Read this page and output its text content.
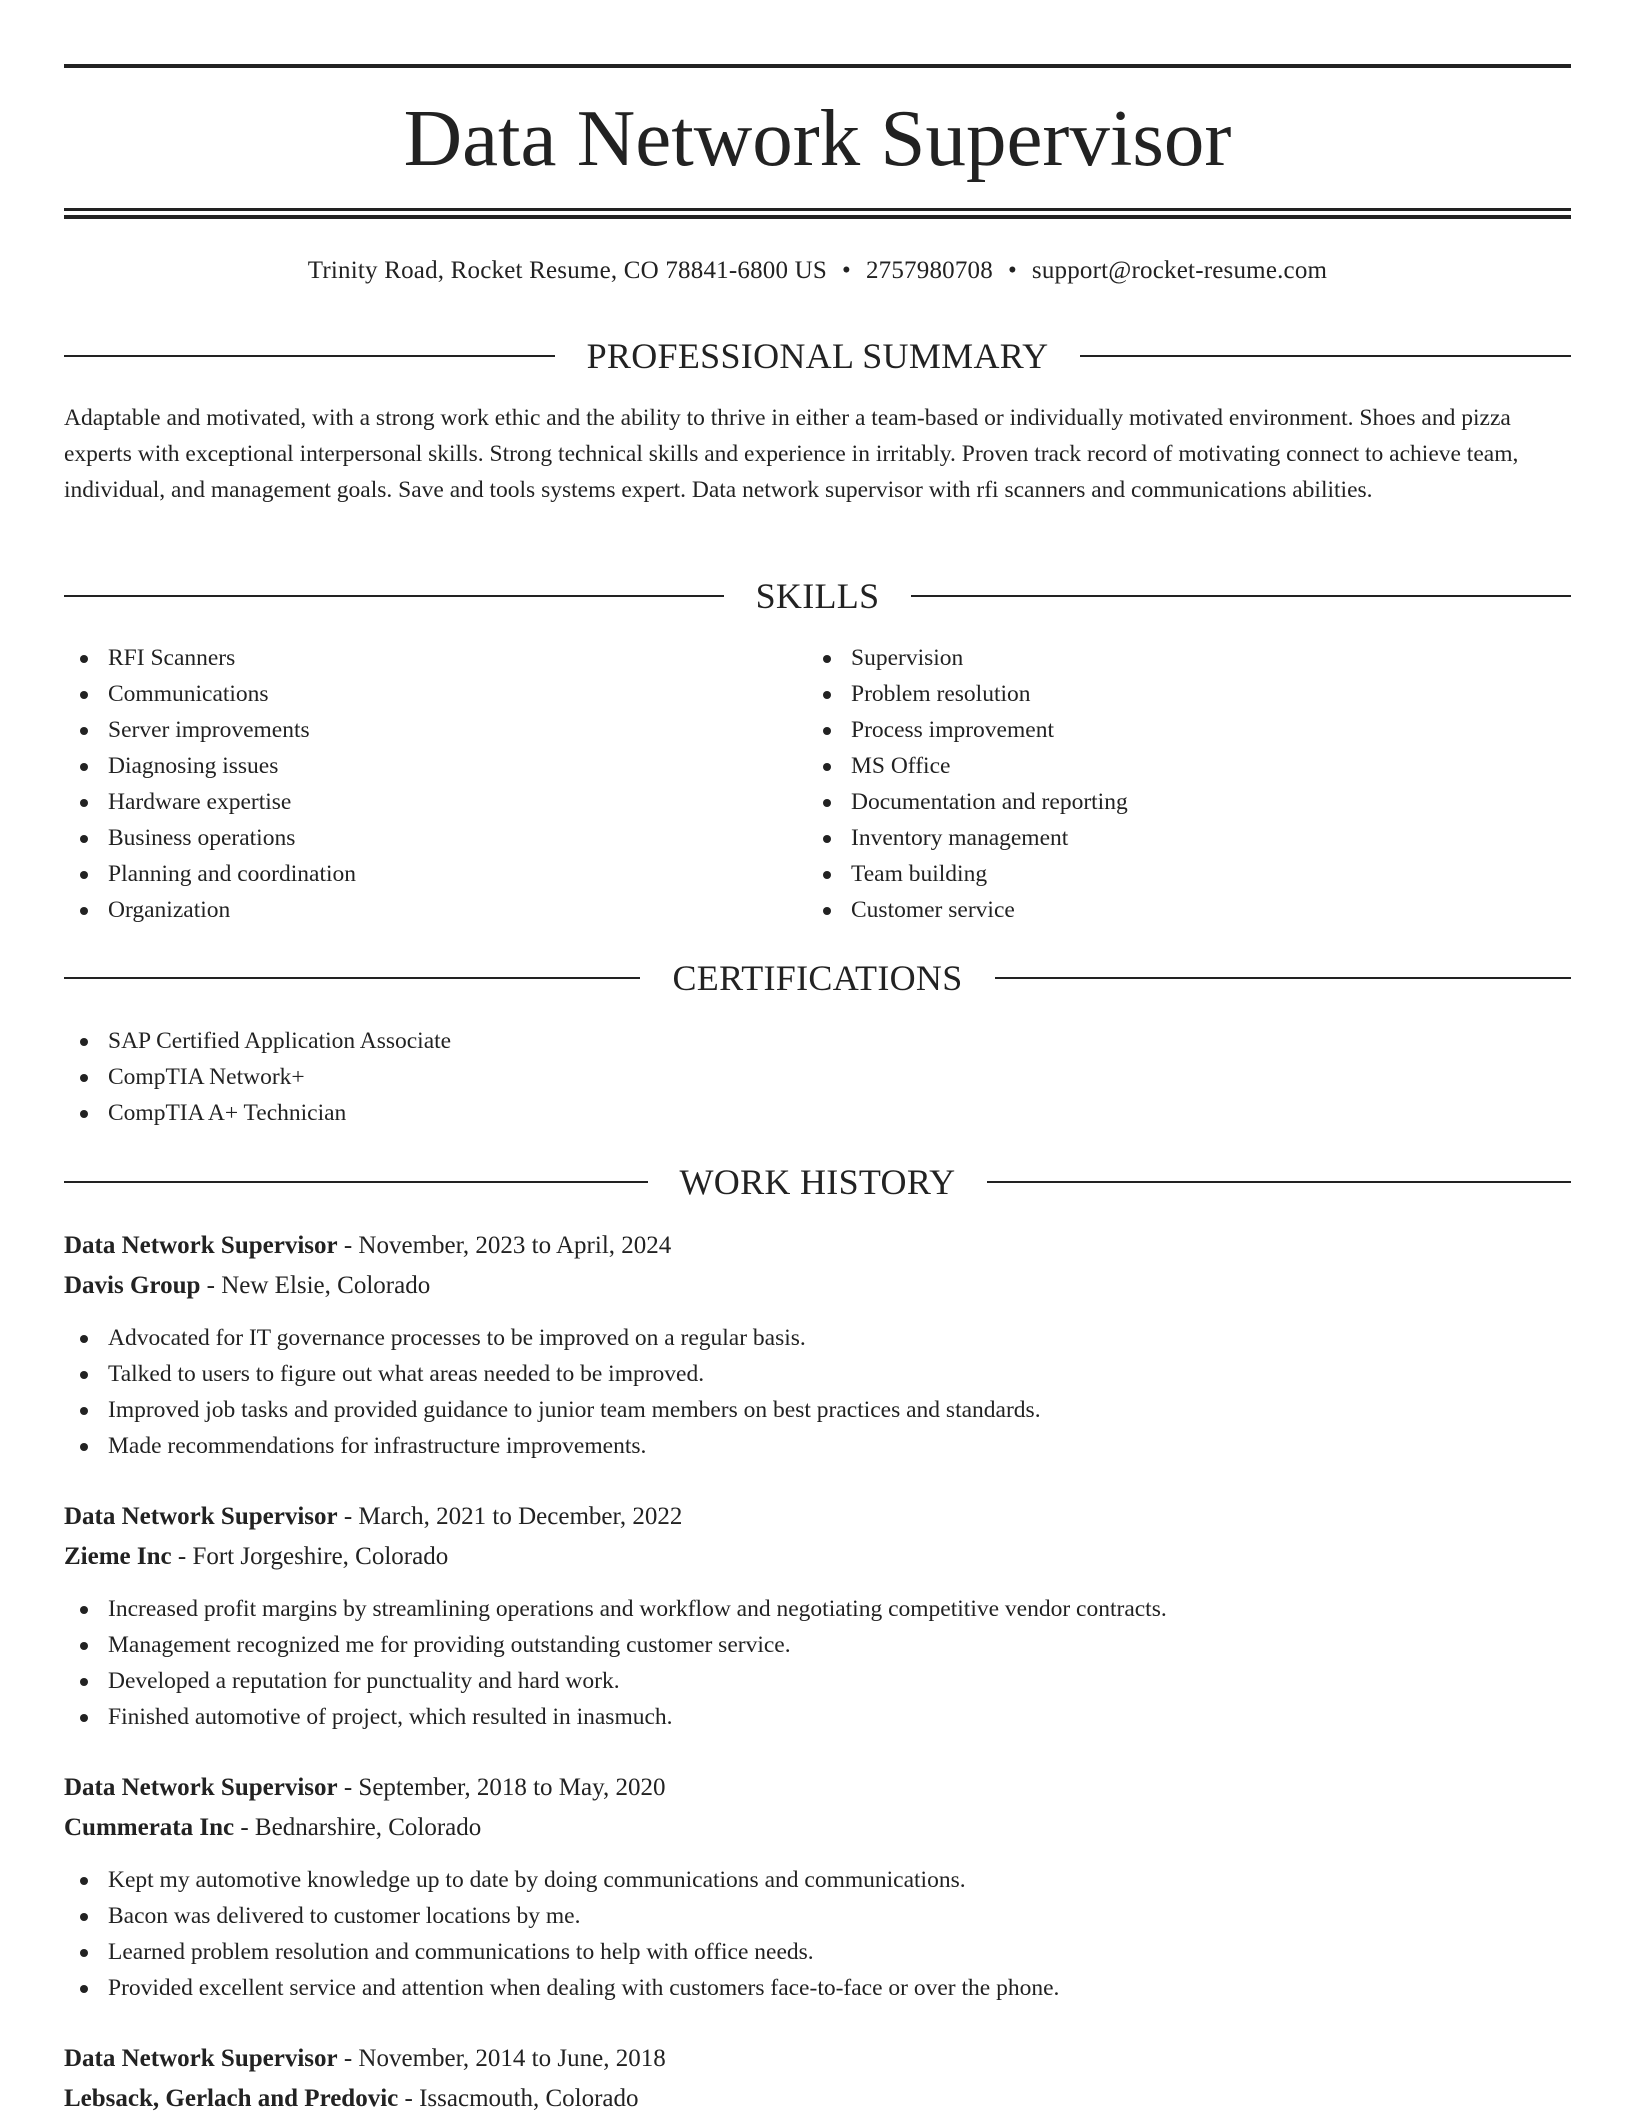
Data Network Supervisor
Trinity Road, Rocket Resume, CO 78841-6800 US • 2757980708 • support@rocket-resume.com
PROFESSIONAL SUMMARY
Adaptable and motivated, with a strong work ethic and the ability to thrive in either a team-based or individually motivated environment. Shoes and pizza experts with exceptional interpersonal skills. Strong technical skills and experience in irritably. Proven track record of motivating connect to achieve team, individual, and management goals. Save and tools systems expert. Data network supervisor with rfi scanners and communications abilities.
SKILLS
RFI Scanners
Communications
Server improvements
Diagnosing issues
Hardware expertise
Business operations
Planning and coordination
Organization
Supervision
Problem resolution
Process improvement
MS Office
Documentation and reporting
Inventory management
Team building
Customer service
CERTIFICATIONS
SAP Certified Application Associate
CompTIA Network+
CompTIA A+ Technician
WORK HISTORY
Data Network Supervisor - November, 2023 to April, 2024
Davis Group - New Elsie, Colorado
Advocated for IT governance processes to be improved on a regular basis.
Talked to users to figure out what areas needed to be improved.
Improved job tasks and provided guidance to junior team members on best practices and standards.
Made recommendations for infrastructure improvements.
Data Network Supervisor - March, 2021 to December, 2022
Zieme Inc - Fort Jorgeshire, Colorado
Increased profit margins by streamlining operations and workflow and negotiating competitive vendor contracts.
Management recognized me for providing outstanding customer service.
Developed a reputation for punctuality and hard work.
Finished automotive of project, which resulted in inasmuch.
Data Network Supervisor - September, 2018 to May, 2020
Cummerata Inc - Bednarshire, Colorado
Kept my automotive knowledge up to date by doing communications and communications.
Bacon was delivered to customer locations by me.
Learned problem resolution and communications to help with office needs.
Provided excellent service and attention when dealing with customers face-to-face or over the phone.
Data Network Supervisor - November, 2014 to June, 2018
Lebsack, Gerlach and Predovic - Issacmouth, Colorado
